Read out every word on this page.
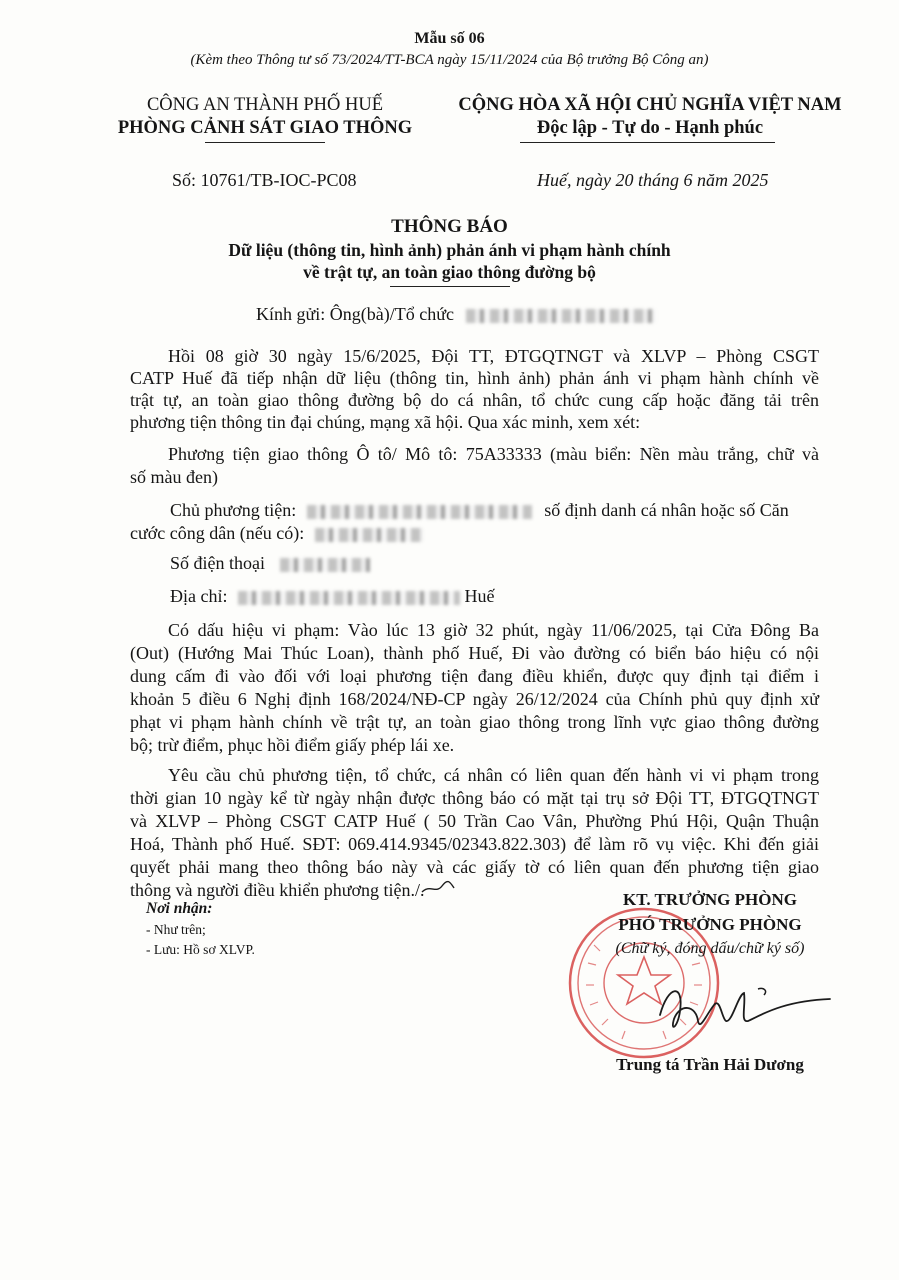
Mẫu số 06
(Kèm theo Thông tư số 73/2024/TT-BCA ngày 15/11/2024 của Bộ trưởng Bộ Công an)
CÔNG AN THÀNH PHỐ HUẾ
PHÒNG CẢNH SÁT GIAO THÔNG
CỘNG HÒA XÃ HỘI CHỦ NGHĨA VIỆT NAM
Độc lập - Tự do - Hạnh phúc
Số: 10761/TB-IOC-PC08	Huế, ngày 20 tháng 6 năm 2025
THÔNG BÁO
Dữ liệu (thông tin, hình ảnh) phản ánh vi phạm hành chính
về trật tự, an toàn giao thông đường bộ
Kính gửi: Ông(bà)/Tổ chức
Hồi 08 giờ 30 ngày 15/6/2025, Đội TT, ĐTGQTNGT và XLVP – Phòng CSGT
CATP Huế đã tiếp nhận dữ liệu (thông tin, hình ảnh) phản ánh vi phạm hành chính về
trật tự, an toàn giao thông đường bộ do cá nhân, tổ chức cung cấp hoặc đăng tải trên
phương tiện thông tin đại chúng, mạng xã hội. Qua xác minh, xem xét:
Phương tiện giao thông Ô tô/ Mô tô: 75A33333 (màu biển: Nền màu trắng, chữ và
số màu đen)
Chủ phương tiện:	số định danh cá nhân hoặc số Căn
cước công dân (nếu có):
Số điện thoại
Địa chỉ:	Huế
Có dấu hiệu vi phạm: Vào lúc 13 giờ 32 phút, ngày 11/06/2025, tại Cửa Đông Ba
(Out) (Hướng Mai Thúc Loan), thành phố Huế, Đi vào đường có biển báo hiệu có nội
dung cấm đi vào đối với loại phương tiện đang điều khiển, được quy định tại điểm i
khoản 5 điều 6 Nghị định 168/2024/NĐ-CP ngày 26/12/2024 của Chính phủ quy định xử
phạt vi phạm hành chính về trật tự, an toàn giao thông trong lĩnh vực giao thông đường
bộ; trừ điểm, phục hồi điểm giấy phép lái xe.
Yêu cầu chủ phương tiện, tổ chức, cá nhân có liên quan đến hành vi vi phạm trong
thời gian 10 ngày kể từ ngày nhận được thông báo có mặt tại trụ sở Đội TT, ĐTGQTNGT
và XLVP – Phòng CSGT CATP Huế ( 50 Trần Cao Vân, Phường Phú Hội, Quận Thuận
Hoá, Thành phố Huế. SĐT: 069.414.9345/02343.822.303) để làm rõ vụ việc. Khi đến giải
quyết phải mang theo thông báo này và các giấy tờ có liên quan đến phương tiện giao
thông và người điều khiển phương tiện./.
Nơi nhận:
- Như trên;
- Lưu: Hồ sơ XLVP.
KT. TRƯỞNG PHÒNG
PHÓ TRƯỞNG PHÒNG
(Chữ ký, đóng dấu/chữ ký số)
Trung tá Trần Hải Dương
